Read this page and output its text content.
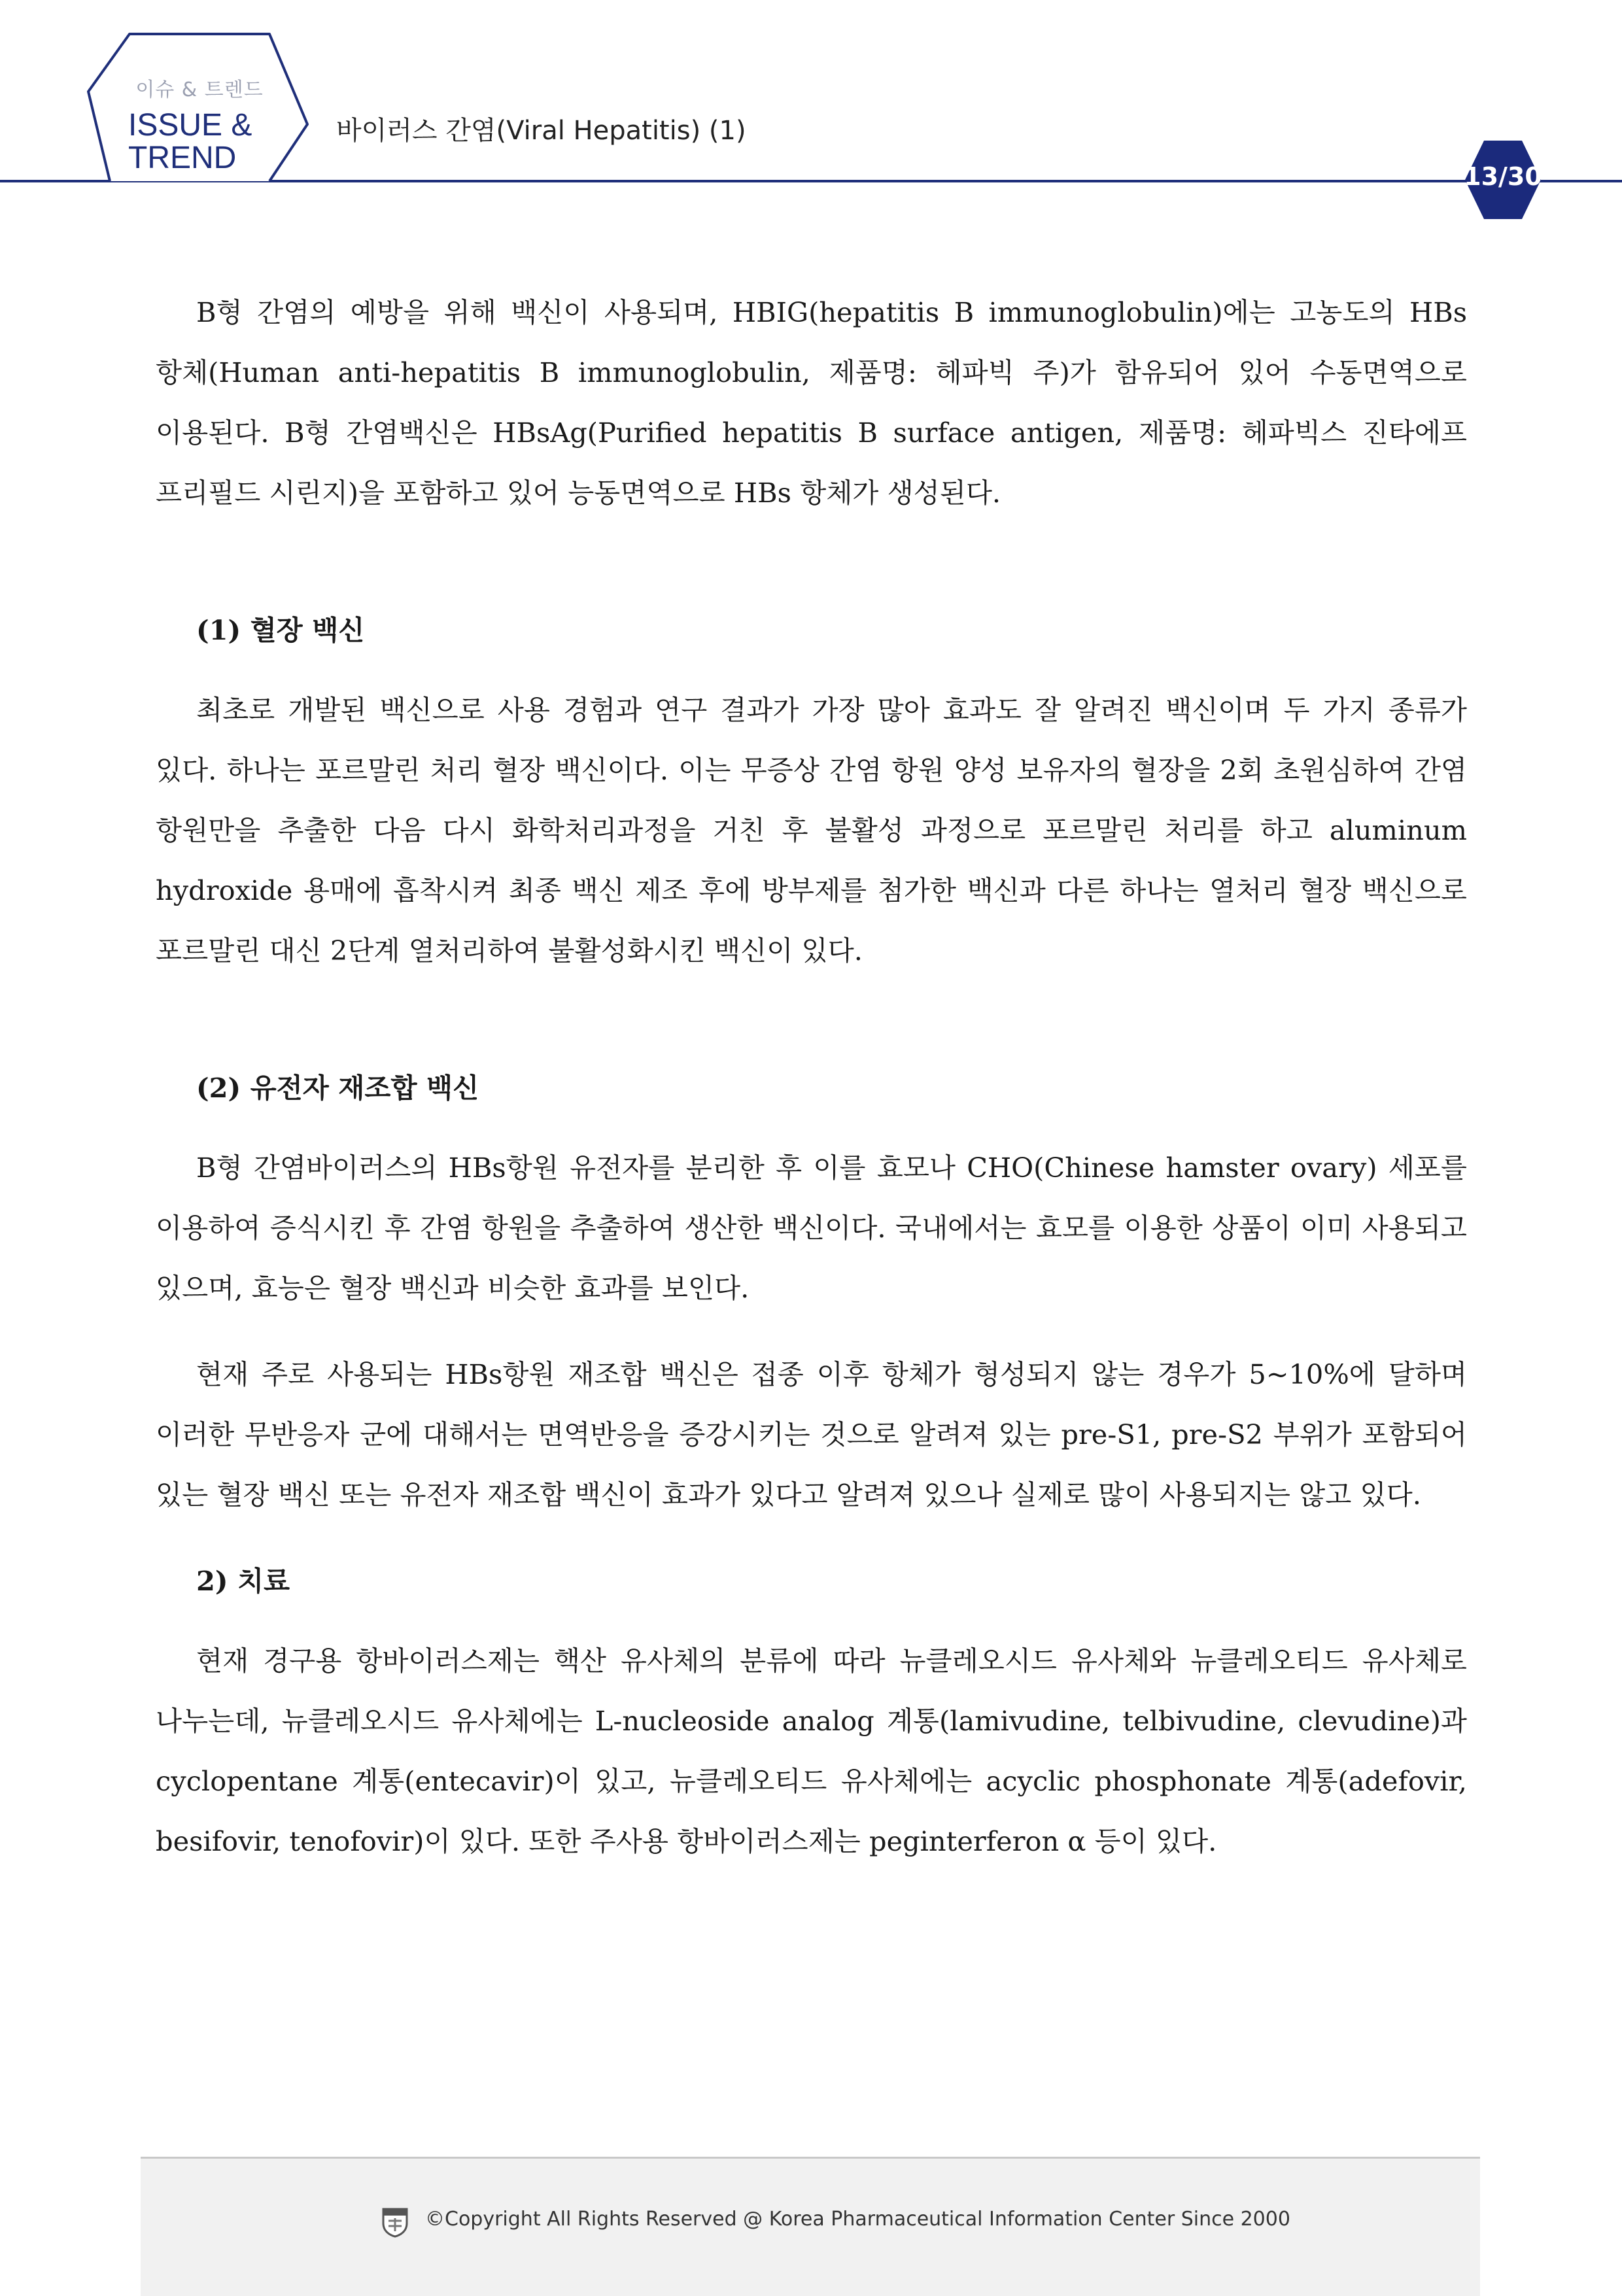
이슈 & 트렌드
ISSUE &
TREND
바이러스 간염(Viral Hepatitis) (1)
13/30

B형 간염의 예방을 위해 백신이 사용되며, HBIG(hepatitis B immunoglobulin)에는 고농도의 HBs 항체(Human anti-hepatitis B immunoglobulin, 제품명: 헤파빅 주)가 함유되어 있어 수동면역으로 이용된다. B형 간염백신은 HBsAg(Purified hepatitis B surface antigen, 제품명: 헤파빅스 진타에프 프리필드 시린지)을 포함하고 있어 능동면역으로 HBs 항체가 생성된다.

(1) 혈장 백신

최초로 개발된 백신으로 사용 경험과 연구 결과가 가장 많아 효과도 잘 알려진 백신이며 두 가지 종류가 있다. 하나는 포르말린 처리 혈장 백신이다. 이는 무증상 간염 항원 양성 보유자의 혈장을 2회 초원심하여 간염 항원만을 추출한 다음 다시 화학처리과정을 거친 후 불활성 과정으로 포르말린 처리를 하고 aluminum hydroxide 용매에 흡착시켜 최종 백신 제조 후에 방부제를 첨가한 백신과 다른 하나는 열처리 혈장 백신으로 포르말린 대신 2단계 열처리하여 불활성화시킨 백신이 있다.

(2) 유전자 재조합 백신

B형 간염바이러스의 HBs항원 유전자를 분리한 후 이를 효모나 CHO(Chinese hamster ovary) 세포를 이용하여 증식시킨 후 간염 항원을 추출하여 생산한 백신이다. 국내에서는 효모를 이용한 상품이 이미 사용되고 있으며, 효능은 혈장 백신과 비슷한 효과를 보인다.

현재 주로 사용되는 HBs항원 재조합 백신은 접종 이후 항체가 형성되지 않는 경우가 5~10%에 달하며 이러한 무반응자 군에 대해서는 면역반응을 증강시키는 것으로 알려져 있는 pre-S1, pre-S2 부위가 포함되어 있는 혈장 백신 또는 유전자 재조합 백신이 효과가 있다고 알려져 있으나 실제로 많이 사용되지는 않고 있다.

2) 치료

현재 경구용 항바이러스제는 핵산 유사체의 분류에 따라 뉴클레오시드 유사체와 뉴클레오티드 유사체로 나누는데, 뉴클레오시드 유사체에는 L-nucleoside analog 계통(lamivudine, telbivudine, clevudine)과 cyclopentane 계통(entecavir)이 있고, 뉴클레오티드 유사체에는 acyclic phosphonate 계통(adefovir, besifovir, tenofovir)이 있다. 또한 주사용 항바이러스제는 peginterferon α 등이 있다.

©Copyright All Rights Reserved @ Korea Pharmaceutical Information Center Since 2000
